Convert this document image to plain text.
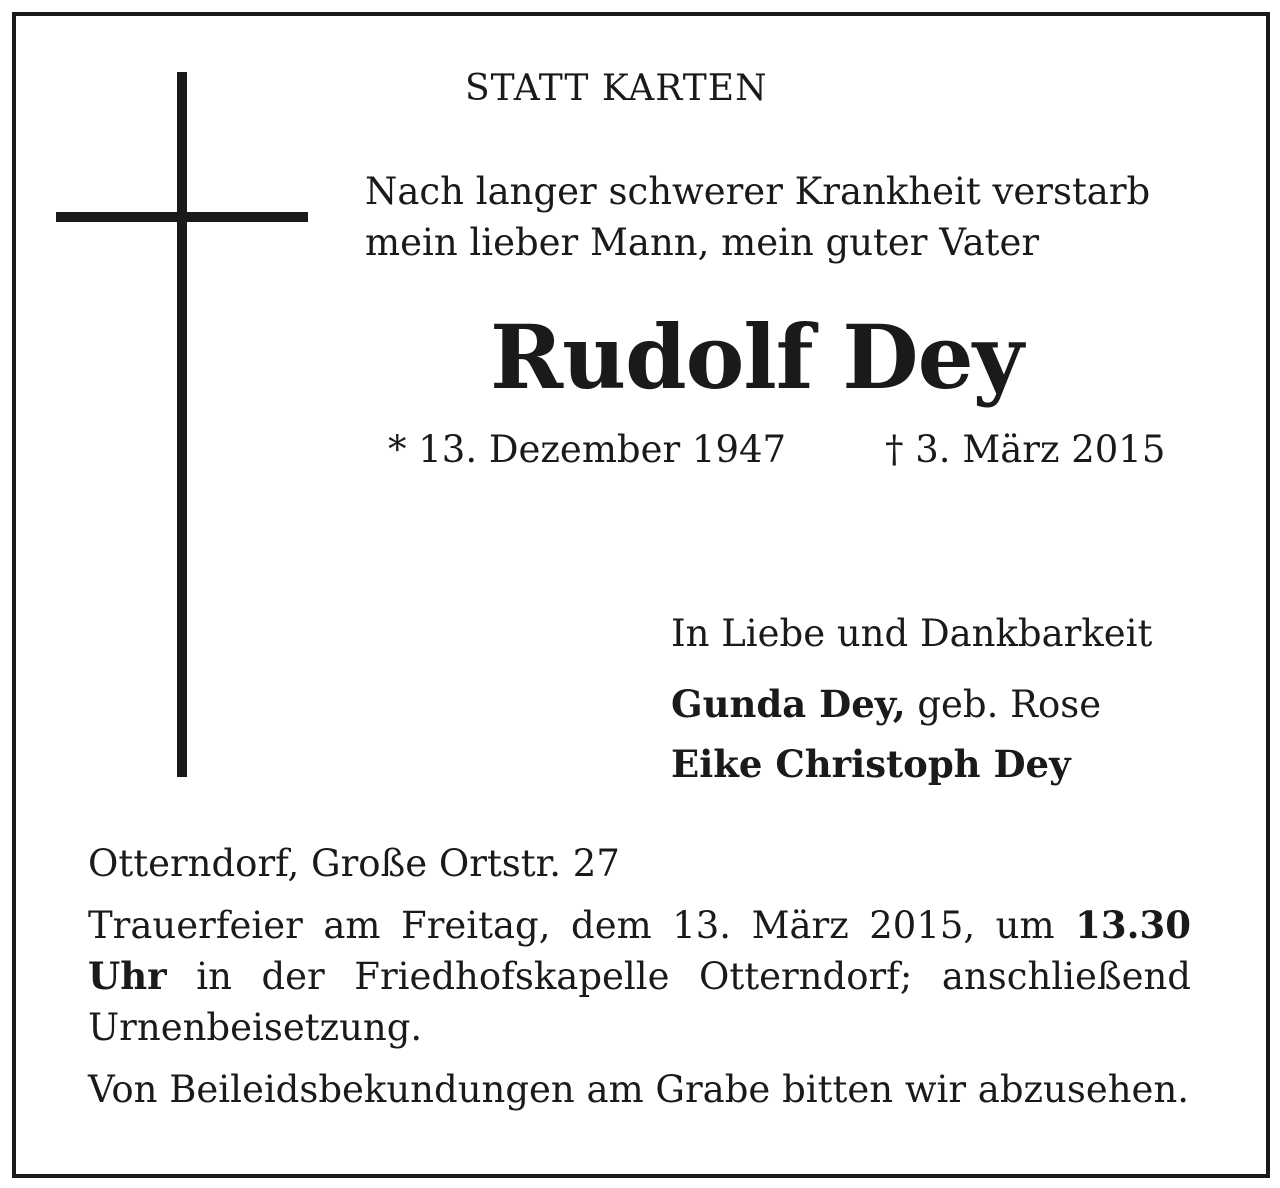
STATT KARTEN

Nach langer schwerer Krankheit verstarb
mein lieber Mann, mein guter Vater
Rudolf Dey

* 13. Dezember 1947	† 3. März 2015

In Liebe und Dankbarkeit

Gunda Dey, geb. Rose

Eike Christoph Dey

Otterndorf, Große Ortstr. 27

Trauerfeier am Freitag, dem 13. März 2015, um 13.30 Uhr in der Friedhofskapelle Otterndorf; anschließend Urnenbeisetzung.

Von Beileidsbekundungen am Grabe bitten wir abzusehen.
